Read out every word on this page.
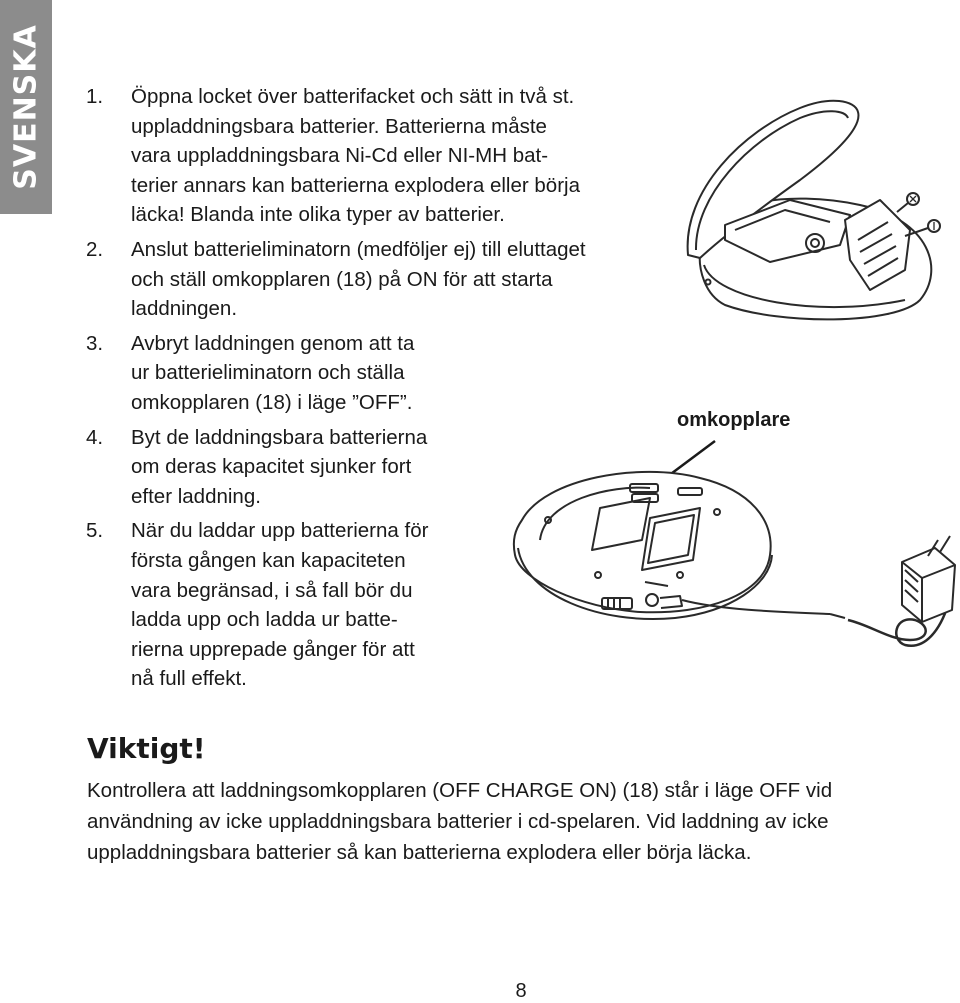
SVENSKA 1. Öppna locket över batterifacket och sätt in två st.
uppladdningsbara batterier. Batterierna måste
vara uppladdningsbara Ni-Cd eller NI-MH bat-
terier annars kan batterierna explodera eller börja
läcka! Blanda inte olika typer av batterier.
2. Anslut batterieliminatorn (medföljer ej) till eluttaget
och ställ omkopplaren (18) på ON för att starta
laddningen.
3. Avbryt laddningen genom att ta
ur batterieliminatorn och ställa
omkopplaren (18) i läge ”OFF”.
4. Byt de laddningsbara batterierna
om deras kapacitet sjunker fort
efter laddning.
5. När du laddar upp batterierna för
första gången kan kapaciteten
vara begränsad, i så fall bör du
ladda upp och ladda ur batte-
rierna upprepade gånger för att
nå full effekt.
omkopplare
Viktigt!
Kontrollera att laddningsomkopplaren (OFF CHARGE ON) (18) står i läge OFF vid
användning av icke uppladdningsbara batterier i cd-spelaren. Vid laddning av icke
uppladdningsbara batterier så kan batterierna explodera eller börja läcka.
8
